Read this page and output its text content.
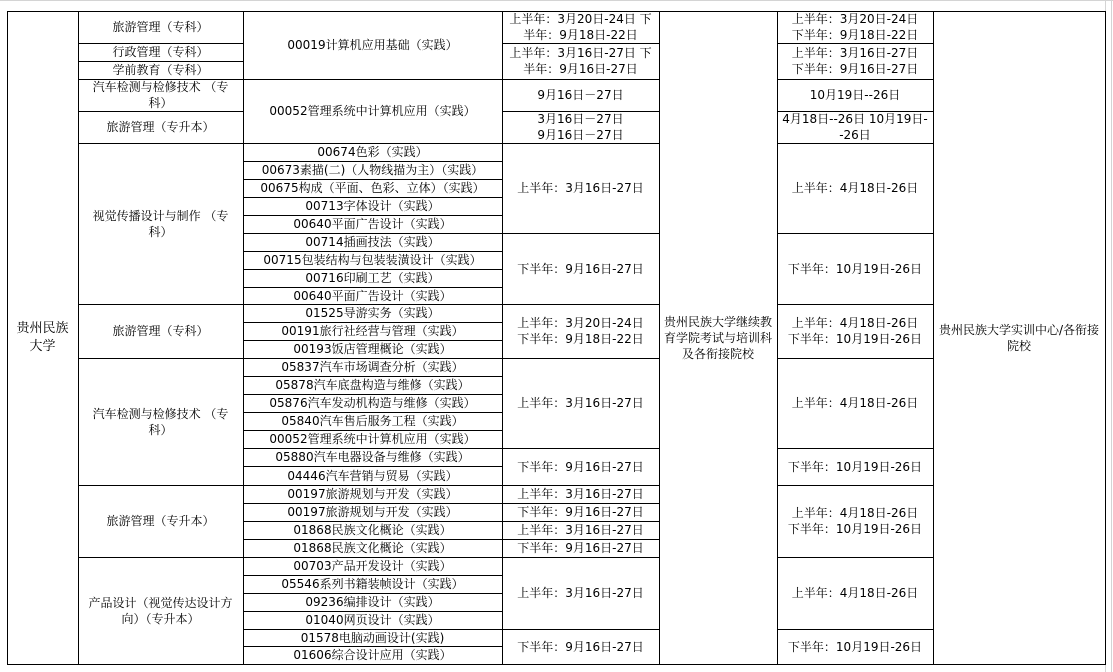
贵州民族大学
贵州民族大学继续教育学院考试与培训科及各衔接院校
贵州民族大学实训中心/各衔接院校
旅游管理（专科）
行政管理（专科）
学前教育（专科）
汽车检测与检修技术 （专科）
旅游管理（专升本）
视觉传播设计与制作 （专科）
旅游管理（专科）
汽车检测与检修技术 （专科）
旅游管理（专升本）
产品设计（视觉传达设计方向）（专升本）
00019计算机应用基础（实践）
00052管理系统中计算机应用（实践）
00674色彩（实践）
00673素描(二)（人物线描为主）（实践）
00675构成（平面、色彩、立体）（实践）
00713字体设计（实践）
00640平面广告设计（实践）
00714插画技法（实践）
00715包装结构与包装装潢设计（实践）
00716印刷工艺（实践）
00640平面广告设计（实践）
01525导游实务（实践）
00191旅行社经营与管理（实践）
00193饭店管理概论（实践）
05837汽车市场调查分析（实践）
05878汽车底盘构造与维修（实践）
05876汽车发动机构造与维修（实践）
05840汽车售后服务工程（实践）
00052管理系统中计算机应用（实践）
05880汽车电器设备与维修（实践）
04446汽车营销与贸易（实践）
00197旅游规划与开发（实践）
00197旅游规划与开发（实践）
01868民族文化概论（实践）
01868民族文化概论（实践）
00703产品开发设计（实践）
05546系列书籍装帧设计（实践）
09236编排设计（实践）
01040网页设计（实践）
01578电脑动画设计(实践)
01606综合设计应用（实践）
上半年：3月20日-24日 下半年：9月18日-22日
上半年：3月16日-27日 下半年：9月16日-27日
9月16日－27日
3月16日－27日
9月16日－27日
上半年：3月16日-27日
下半年：9月16日-27日
上半年：3月20日-24日
下半年：9月18日-22日
上半年：3月16日-27日
下半年：9月16日-27日
上半年：3月16日-27日
下半年：9月16日-27日
上半年：3月16日-27日
下半年：9月16日-27日
上半年：3月16日-27日
下半年：9月16日-27日
上半年：3月20日-24日
下半年：9月18日-22日
上半年：3月16日-27日
下半年：9月16日-27日
10月19日--26日
4月18日--26日 10月19日--26日
上半年：4月18日-26日
下半年：10月19日-26日
上半年：4月18日-26日
下半年：10月19日-26日
上半年：4月18日-26日
下半年：10月19日-26日
上半年：4月18日-26日
下半年：10月19日-26日
上半年：4月18日-26日
下半年：10月19日-26日
